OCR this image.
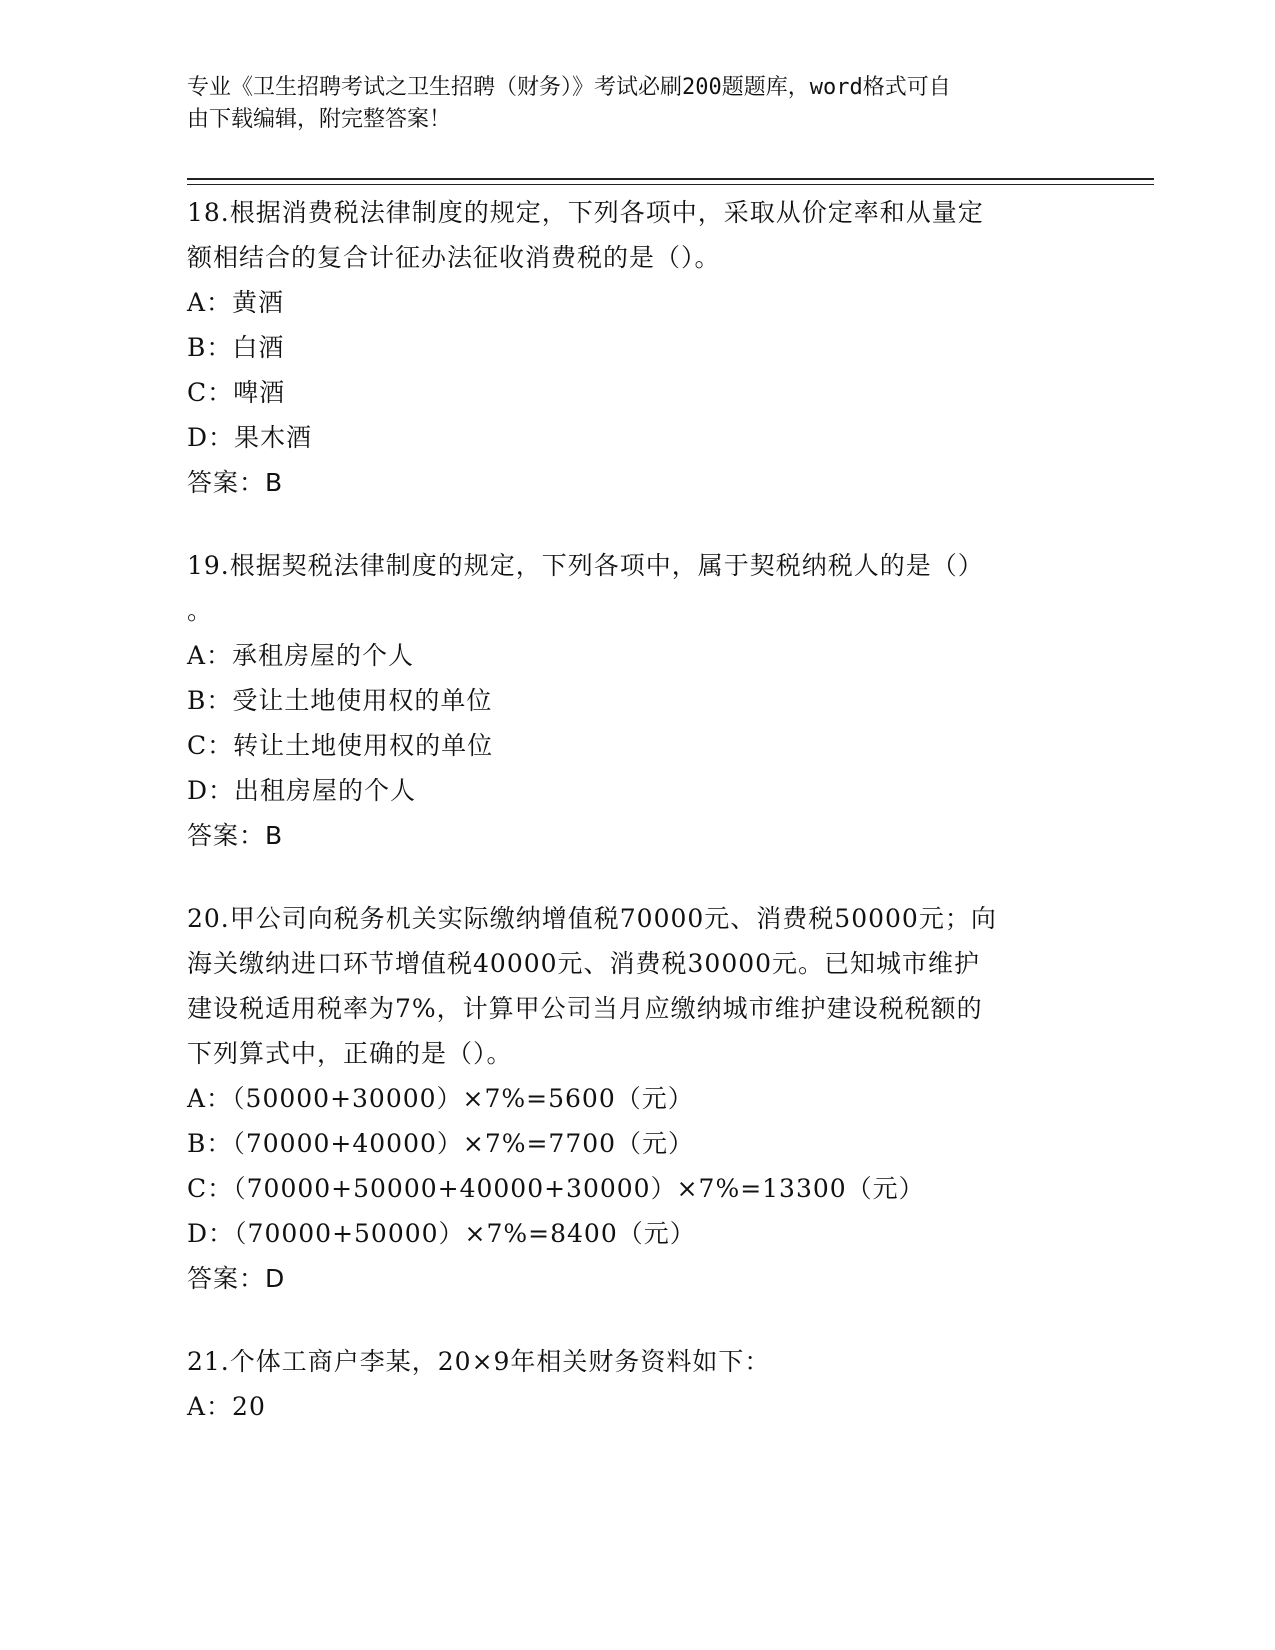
专业《卫生招聘考试之卫生招聘（财务）》考试必刷200题题库，word格式可自
由下载编辑，附完整答案！
18.根据消费税法律制度的规定，下列各项中，采取从价定率和从量定
额相结合的复合计征办法征收消费税的是（）。
A：黄酒
B：白酒
C：啤酒
D：果木酒
答案：B
19.根据契税法律制度的规定，下列各项中，属于契税纳税人的是（）
。
A：承租房屋的个人
B：受让土地使用权的单位
C：转让土地使用权的单位
D：出租房屋的个人
答案：B
20.甲公司向税务机关实际缴纳增值税70000元、消费税50000元；向
海关缴纳进口环节增值税40000元、消费税30000元。已知城市维护
建设税适用税率为7%，计算甲公司当月应缴纳城市维护建设税税额的
下列算式中，正确的是（）。
A：（50000+30000）×7%=5600（元）
B：（70000+40000）×7%=7700（元）
C：（70000+50000+40000+30000）×7%=13300（元）
D：（70000+50000）×7%=8400（元）
答案：D
21.个体工商户李某，20×9年相关财务资料如下：
A：20
